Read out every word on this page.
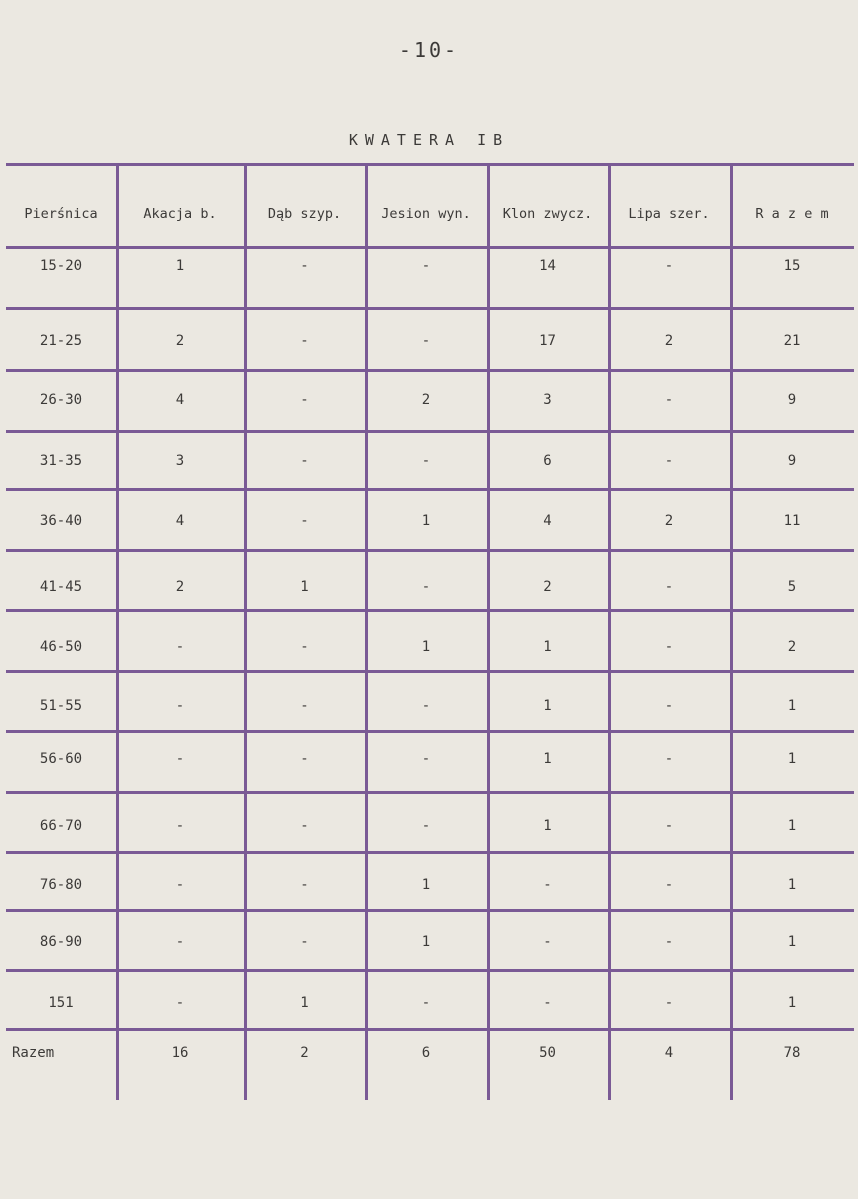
-10-
KWATERA IB
Pierśnica	Akacja b.	Dąb szyp.	Jesion wyn.	Klon zwycz.	Lipa szer.	R a z e m
15-20	1	-	-	14	-	15
21-25	2	-	-	17	2	21
26-30	4	-	2	3	-	9
31-35	3	-	-	6	-	9
36-40	4	-	1	4	2	11
41-45	2	1	-	2	-	5
46-50	-	-	1	1	-	2
51-55	-	-	-	1	-	1
56-60	-	-	-	1	-	1
66-70	-	-	-	1	-	1
76-80	-	-	1	-	-	1
86-90	-	-	1	-	-	1
151	-	1	-	-	-	1
Razem	16	2	6	50	4	78
